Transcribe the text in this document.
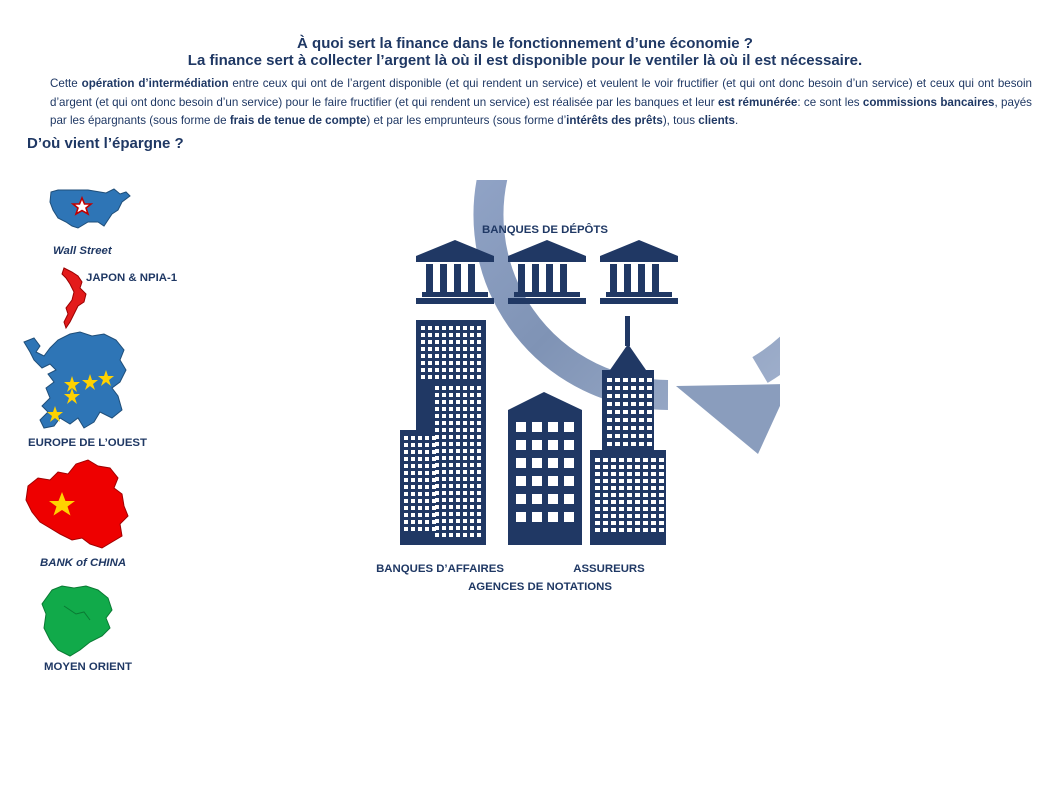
À quoi sert la finance dans le fonctionnement d’une économie ?
La finance sert à collecter l’argent là où il est disponible pour le ventiler là où il est nécessaire.
Cette opération d’intermédiation entre ceux qui ont de l’argent disponible (et qui rendent un service) et veulent le voir fructifier (et qui ont donc besoin d’un service) et ceux qui ont besoin d’argent (et qui ont donc besoin d’un service) pour le faire fructifier (et qui rendent un service) est réalisée par les banques et leur est rémunérée: ce sont les commissions bancaires, payés par les épargnants (sous forme de frais de tenue de compte) et par les emprunteurs (sous forme d’intérêts des prêts), tous clients.
D’où vient l’épargne ?
Wall Street
JAPON & NPIA-1
EUROPE DE L’OUEST
BANK of CHINA
MOYEN ORIENT
BANQUES DE DÉPÔTS
BANQUES D’AFFAIRES	ASSUREURS
AGENCES DE NOTATIONS
